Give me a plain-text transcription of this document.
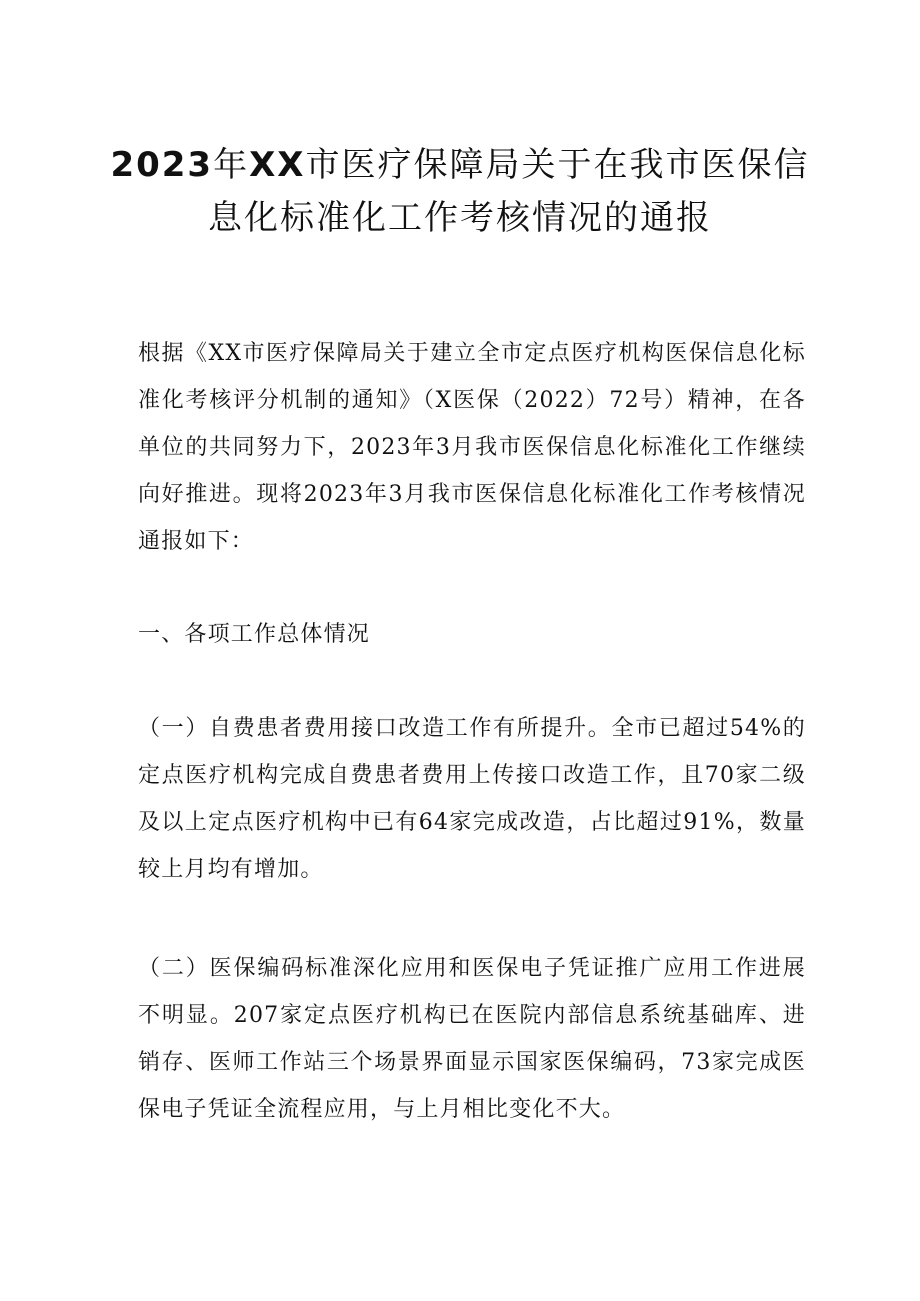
2023年XX市医疗保障局关于在我市医保信
息化标准化工作考核情况的通报

根据《XX市医疗保障局关于建立全市定点医疗机构医保信息化标准化考核评分机制的通知》（X医保（2022）72号）精神，在各单位的共同努力下，2023年3月我市医保信息化标准化工作继续向好推进。现将2023年3月我市医保信息化标准化工作考核情况通报如下：

一、各项工作总体情况

（一）自费患者费用接口改造工作有所提升。全市已超过54%的定点医疗机构完成自费患者费用上传接口改造工作，且70家二级及以上定点医疗机构中已有64家完成改造，占比超过91%，数量较上月均有增加。

（二）医保编码标准深化应用和医保电子凭证推广应用工作进展不明显。207家定点医疗机构已在医院内部信息系统基础库、进销存、医师工作站三个场景界面显示国家医保编码，73家完成医保电子凭证全流程应用，与上月相比变化不大。
